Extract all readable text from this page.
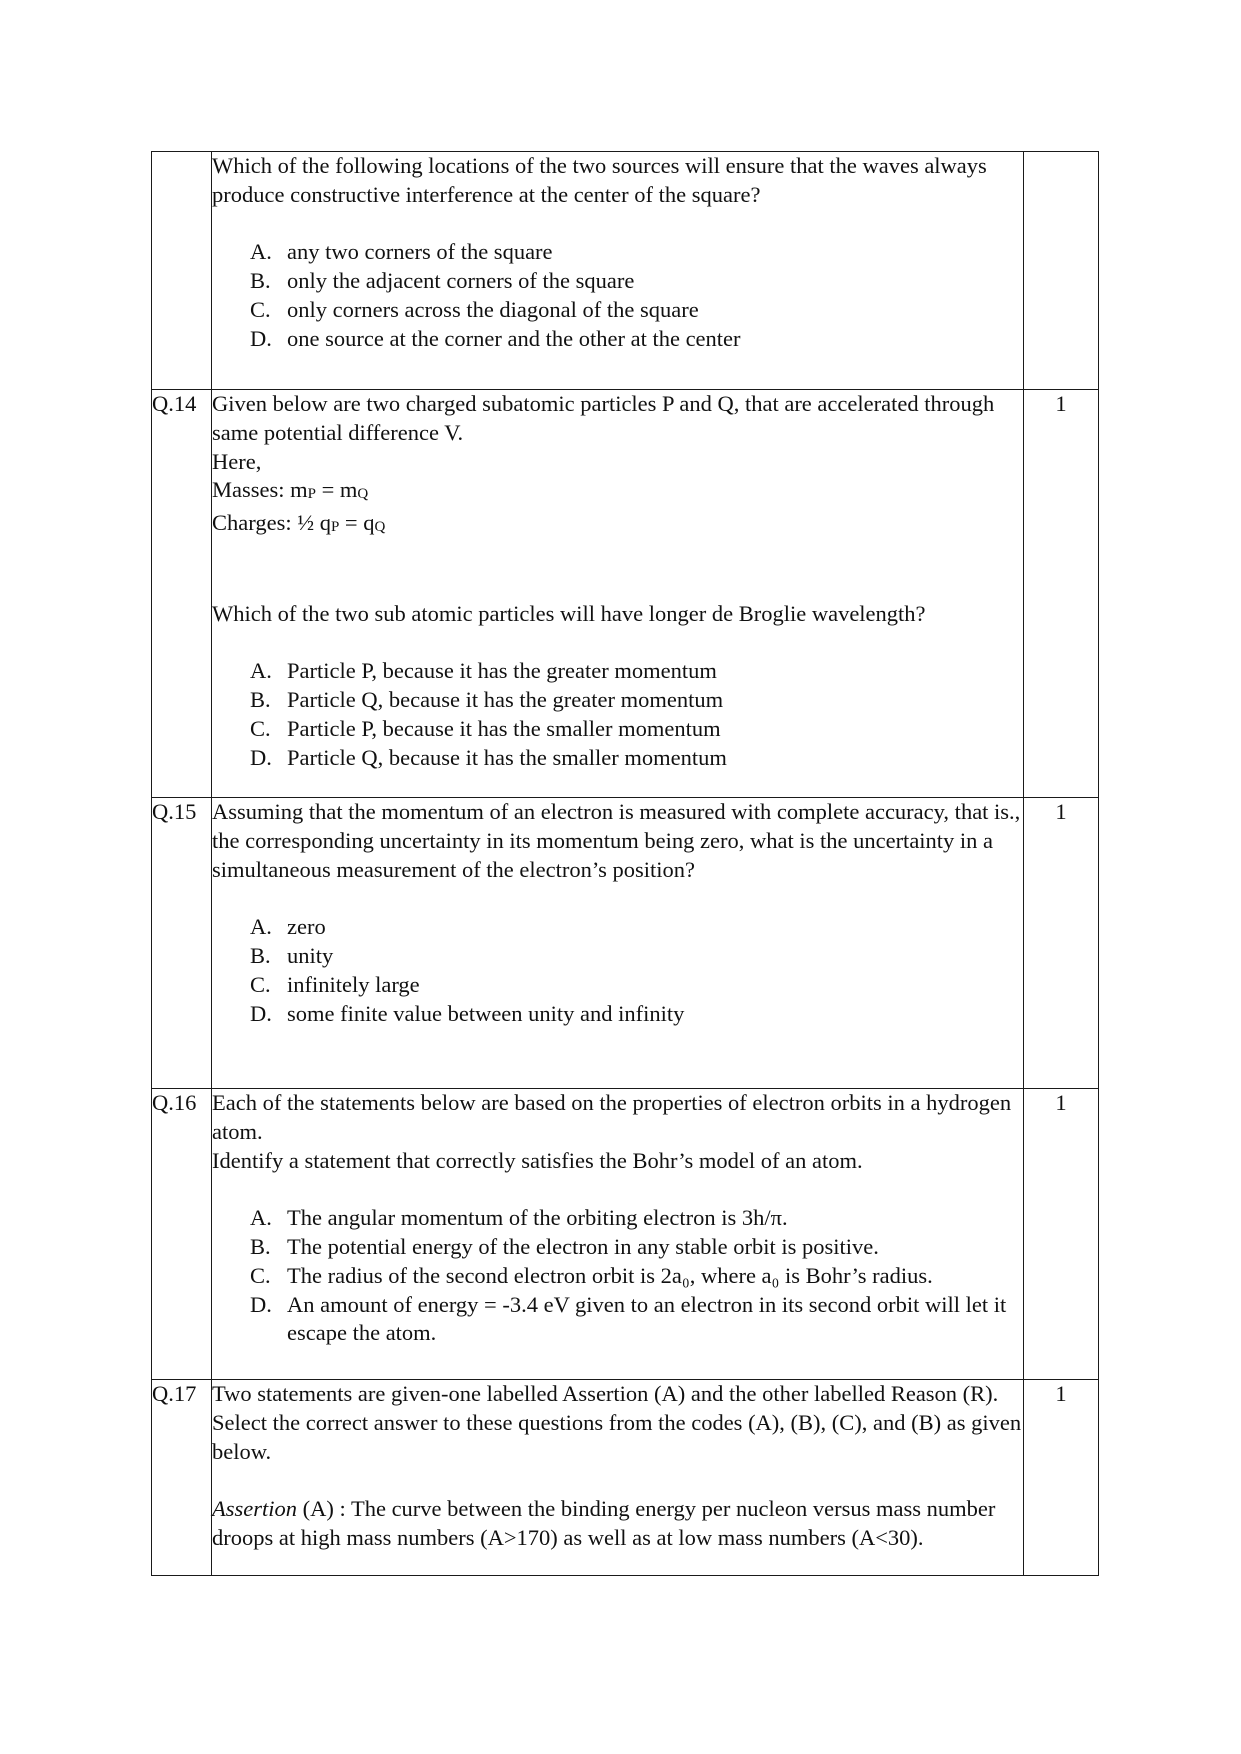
Which of the following locations of the two sources will ensure that the waves always produce constructive interference at the center of the square?
A. any two corners of the square
B. only the adjacent corners of the square
C. only corners across the diagonal of the square
D. one source at the corner and the other at the center

Q.14	Given below are two charged subatomic particles P and Q, that are accelerated through same potential difference V.
Here,
Masses: mP = mQ
Charges: ½ qP = qQ
Which of the two sub atomic particles will have longer de Broglie wavelength?
A. Particle P, because it has the greater momentum
B. Particle Q, because it has the greater momentum
C. Particle P, because it has the smaller momentum
D. Particle Q, because it has the smaller momentum
	1
Q.15	Assuming that the momentum of an electron is measured with complete accuracy, that is., the corresponding uncertainty in its momentum being zero, what is the uncertainty in a simultaneous measurement of the electron’s position?
A. zero
B. unity
C. infinitely large
D. some finite value between unity and infinity
	1
Q.16	Each of the statements below are based on the properties of electron orbits in a hydrogen atom.
Identify a statement that correctly satisfies the Bohr’s model of an atom.
A. The angular momentum of the orbiting electron is 3h/π.
B. The potential energy of the electron in any stable orbit is positive.
C. The radius of the second electron orbit is 2a₀, where a₀ is Bohr’s radius.
D. An amount of energy = -3.4 eV given to an electron in its second orbit will let it escape the atom.
	1
Q.17	Two statements are given-one labelled Assertion (A) and the other labelled Reason (R). Select the correct answer to these questions from the codes (A), (B), (C), and (B) as given below.
Assertion (A) : The curve between the binding energy per nucleon versus mass number droops at high mass numbers (A>170) as well as at low mass numbers (A<30).	1
